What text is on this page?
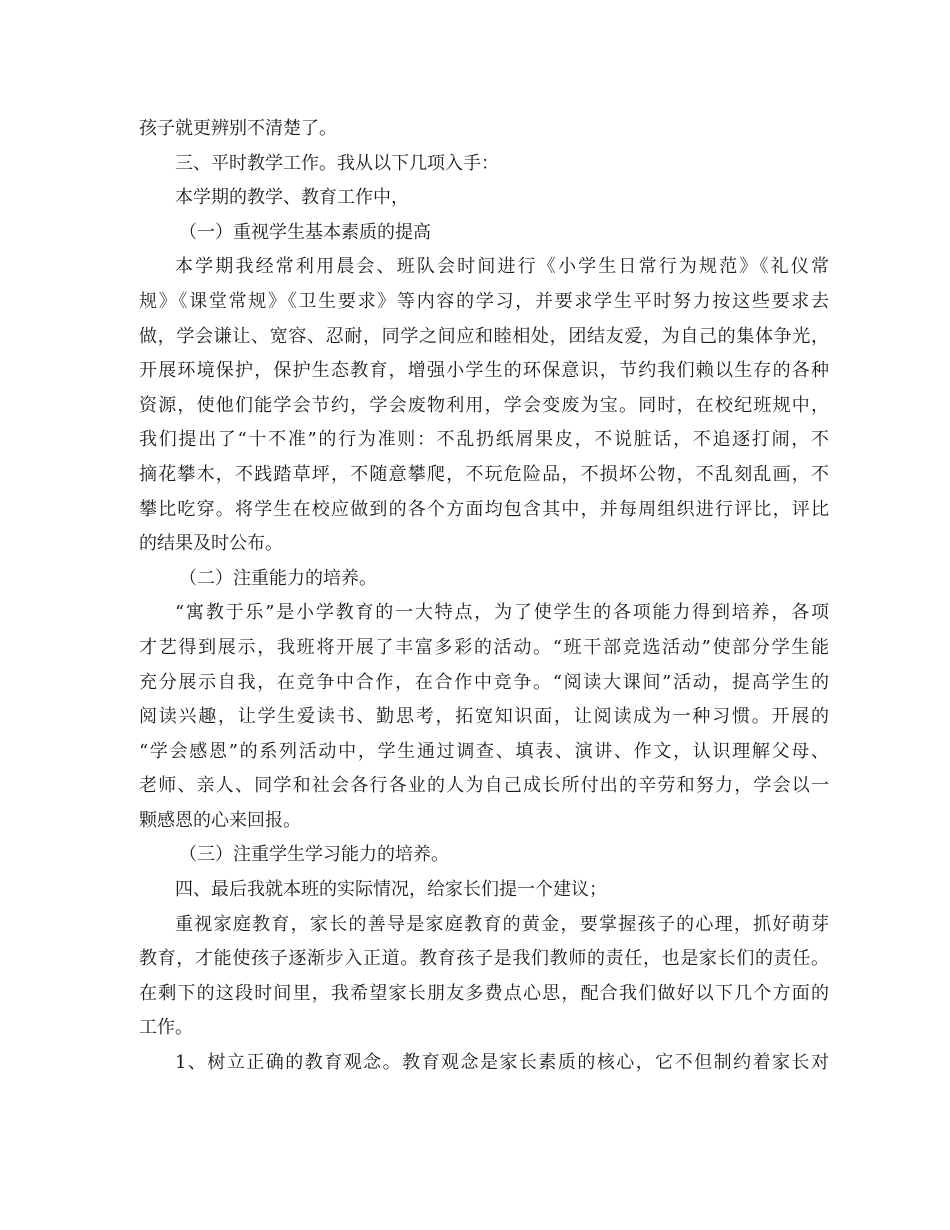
孩子就更辨别不清楚了。
三、平时教学工作。我从以下几项入手：
本学期的教学、教育工作中，
（一）重视学生基本素质的提高
本学期我经常利用晨会、班队会时间进行《小学生日常行为规范》《礼仪常
规》《课堂常规》《卫生要求》等内容的学习，并要求学生平时努力按这些要求去
做，学会谦让、宽容、忍耐，同学之间应和睦相处，团结友爱，为自己的集体争光，
开展环境保护，保护生态教育，增强小学生的环保意识，节约我们赖以生存的各种
资源，使他们能学会节约，学会废物利用，学会变废为宝。同时，在校纪班规中，
我们提出了“十不准”的行为准则：不乱扔纸屑果皮，不说脏话，不追逐打闹，不
摘花攀木，不践踏草坪，不随意攀爬，不玩危险品，不损坏公物，不乱刻乱画，不
攀比吃穿。将学生在校应做到的各个方面均包含其中，并每周组织进行评比，评比
的结果及时公布。
（二）注重能力的培养。
“寓教于乐”是小学教育的一大特点，为了使学生的各项能力得到培养，各项
才艺得到展示，我班将开展了丰富多彩的活动。“班干部竞选活动”使部分学生能
充分展示自我，在竞争中合作，在合作中竞争。“阅读大课间”活动，提高学生的
阅读兴趣，让学生爱读书、勤思考，拓宽知识面，让阅读成为一种习惯。开展的
“学会感恩”的系列活动中，学生通过调查、填表、演讲、作文，认识理解父母、
老师、亲人、同学和社会各行各业的人为自己成长所付出的辛劳和努力，学会以一
颗感恩的心来回报。
（三）注重学生学习能力的培养。
四、最后我就本班的实际情况，给家长们提一个建议；
重视家庭教育，家长的善导是家庭教育的黄金，要掌握孩子的心理，抓好萌芽
教育，才能使孩子逐渐步入正道。教育孩子是我们教师的责任，也是家长们的责任。
在剩下的这段时间里，我希望家长朋友多费点心思，配合我们做好以下几个方面的
工作。
1、树立正确的教育观念。教育观念是家长素质的核心，它不但制约着家长对
